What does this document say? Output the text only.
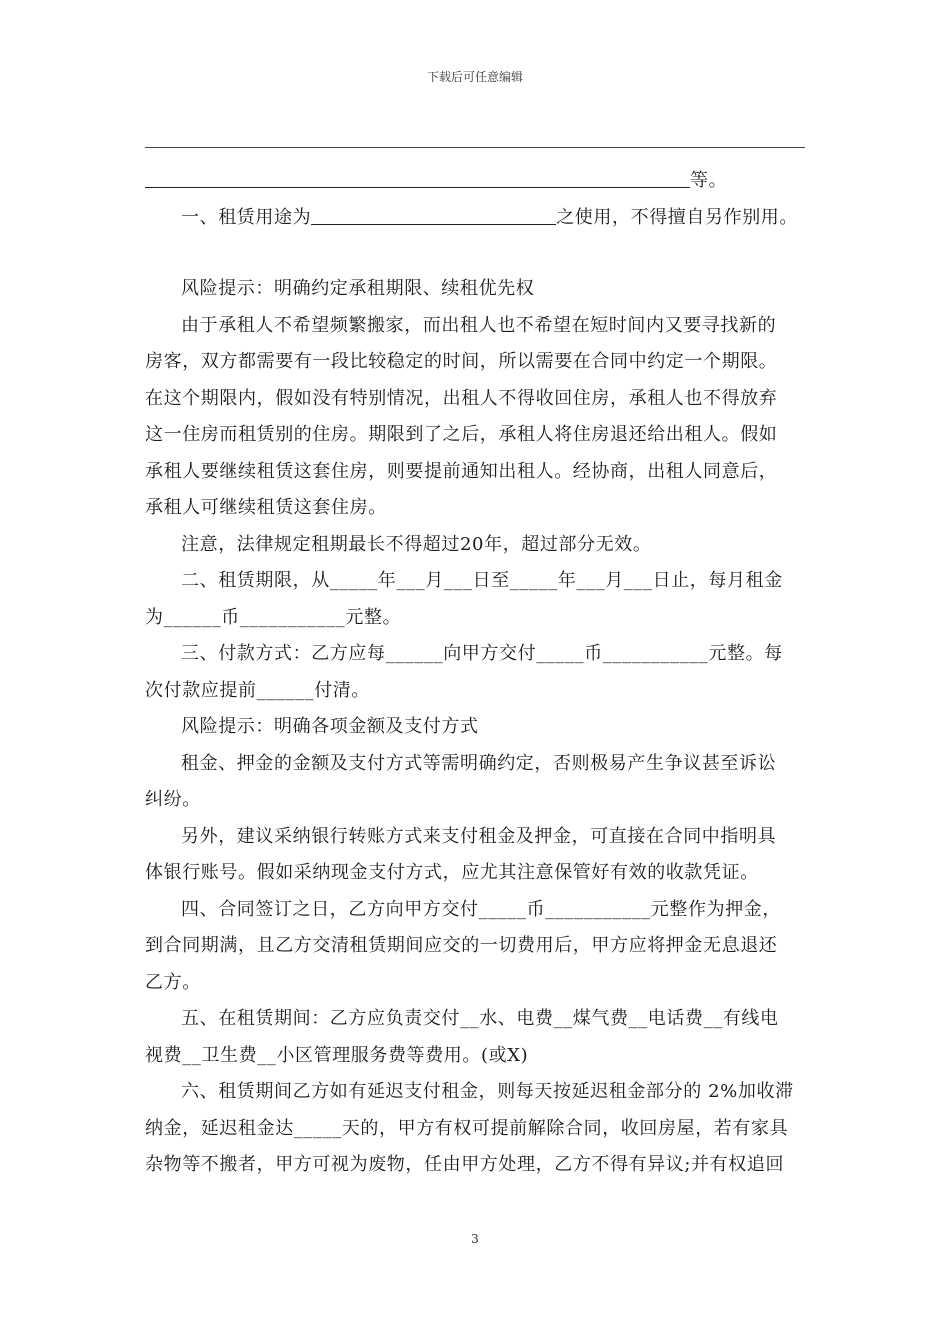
下载后可任意编辑
等。
一、租赁用途为	之使用，不得擅自另作别用。
风险提示：明确约定承租期限、续租优先权
由于承租人不希望频繁搬家，而出租人也不希望在短时间内又要寻找新的
房客，双方都需要有一段比较稳定的时间，所以需要在合同中约定一个期限。
在这个期限内，假如没有特别情况，出租人不得收回住房，承租人也不得放弃
这一住房而租赁别的住房。期限到了之后，承租人将住房退还给出租人。假如
承租人要继续租赁这套住房，则要提前通知出租人。经协商，出租人同意后，
承租人可继续租赁这套住房。
注意，法律规定租期最长不得超过20年，超过部分无效。
二、租赁期限，从_____年___月___日至_____年___月___日止，每月租金
为______币___________元整。
三、付款方式：乙方应每______向甲方交付_____币___________元整。每
次付款应提前______付清。
风险提示：明确各项金额及支付方式
租金、押金的金额及支付方式等需明确约定，否则极易产生争议甚至诉讼
纠纷。
另外，建议采纳银行转账方式来支付租金及押金，可直接在合同中指明具
体银行账号。假如采纳现金支付方式，应尤其注意保管好有效的收款凭证。
四、合同签订之日，乙方向甲方交付_____币___________元整作为押金，
到合同期满，且乙方交清租赁期间应交的一切费用后，甲方应将押金无息退还
乙方。
五、在租赁期间：乙方应负责交付__水、电费__煤气费__电话费__有线电
视费__卫生费__小区管理服务费等费用。(或X)
六、租赁期间乙方如有延迟支付租金，则每天按延迟租金部分的 2%加收滞
纳金，延迟租金达_____天的，甲方有权可提前解除合同，收回房屋，若有家具
杂物等不搬者，甲方可视为废物，任由甲方处理，乙方不得有异议;并有权追回
3
